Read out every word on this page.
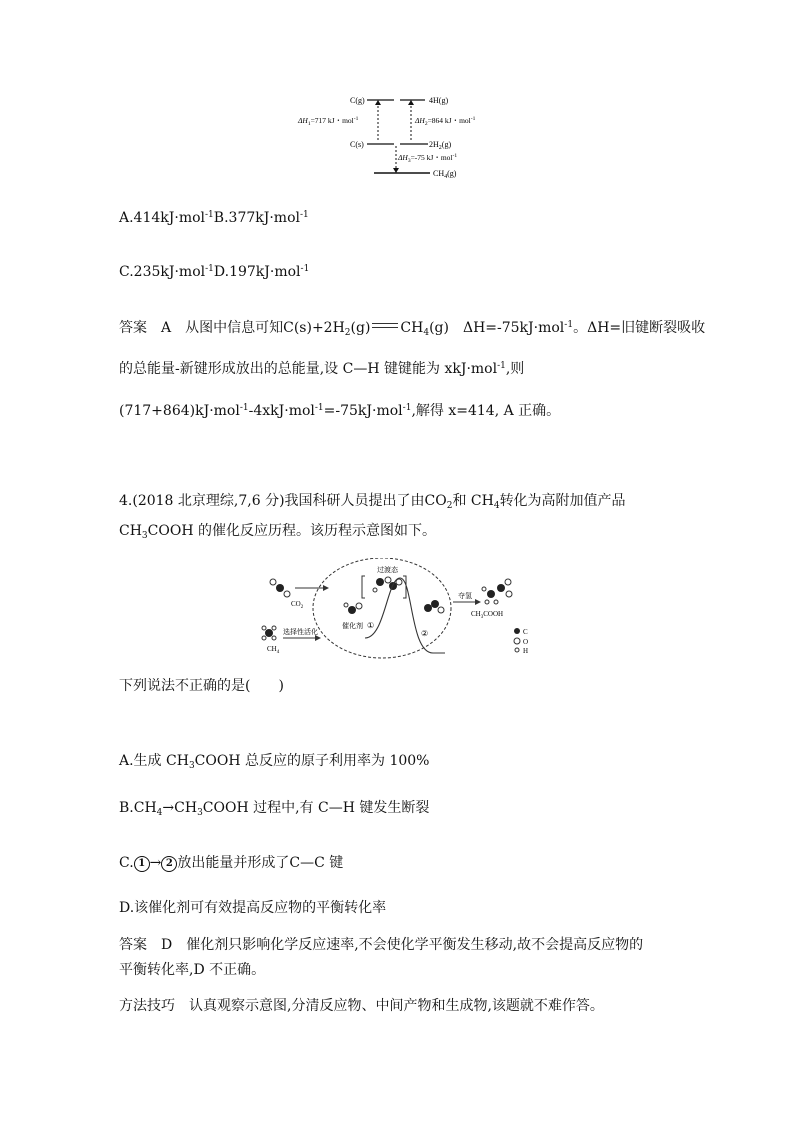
C(g)	4H(g)
C(s)	$2H_2(g)$
$CH_4(g)$
$\Delta H_1=717$ kJ・mol$^{-1}$	$\Delta H_2=864$ kJ・mol$^{-1}$
$\Delta H_3=-75$ kJ・mol$^{-1}$
A.414kJ·mol$^{-1}$B.377kJ·mol$^{-1}$
C.235kJ·mol$^{-1}$D.197kJ·mol$^{-1}$
答案 A 从图中信息可知$C(s)+2H_2(g)$ $CH_4(g)$　ΔH=-75kJ·mol$^{-1}$。ΔH=旧键断裂吸收
的总能量-新键形成放出的总能量,设 C—H 键键能为 xkJ·mol$^{-1}$,则
(717+864)kJ·mol$^{-1}$-4xkJ·mol$^{-1}$=-75kJ·mol$^{-1}$,解得 x=414, A 正确。
4.(2018 北京理综,7,6 分)我国科研人员提出了由$CO_2$和 $CH_4$转化为高附加值产品
$CH_3COOH$ 的催化反应历程。该历程示意图如下。
$CO_2$
$CH_4$
选择性活化
过渡态
催化剂 ①
②
夺氢
$CH_3COOH$
C
O
H
下列说法不正确的是(　　)
A.生成 $CH_3COOH$ 总反应的原子利用率为 100%
$B.CH_4\to CH_3COOH$ 过程中,有 C—H 键发生断裂
C. 1 → 2 放出能量并形成了C—C 键
D.该催化剂可有效提高反应物的平衡转化率
答案 D 催化剂只影响化学反应速率,不会使化学平衡发生移动,故不会提高反应物的
平衡转化率,D 不正确。
方法技巧 认真观察示意图,分清反应物、中间产物和生成物,该题就不难作答。
